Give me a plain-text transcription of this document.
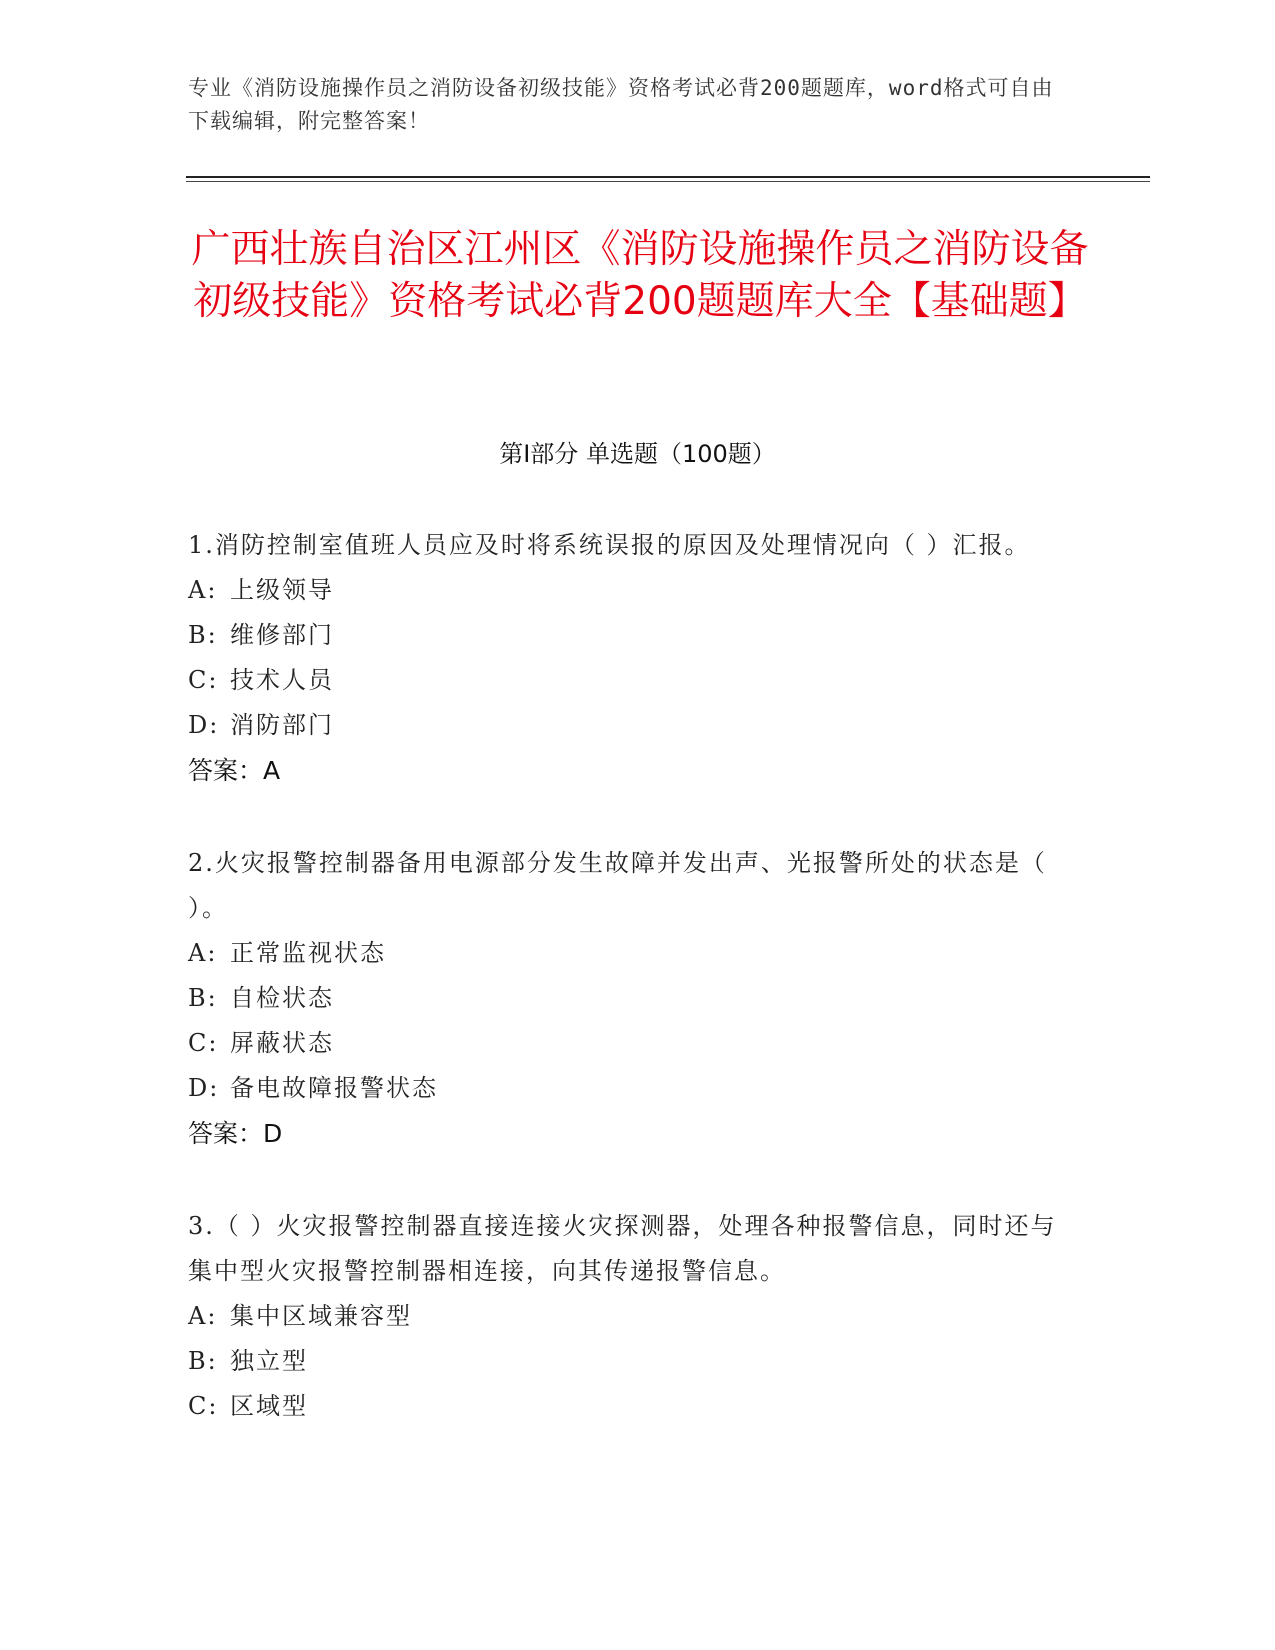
专业《消防设施操作员之消防设备初级技能》资格考试必背200题题库，word格式可自由下载编辑，附完整答案！
广西壮族自治区江州区《消防设施操作员之消防设备初级技能》资格考试必背200题题库大全【基础题】
第I部分 单选题（100题）

1.消防控制室值班人员应及时将系统误报的原因及处理情况向（ ）汇报。

A: 上级领导

B: 维修部门

C: 技术人员

D: 消防部门

答案：A

2.火灾报警控制器备用电源部分发生故障并发出声、光报警所处的状态是（ ）。

A: 正常监视状态

B: 自检状态

C: 屏蔽状态

D: 备电故障报警状态

答案：D

3.（ ）火灾报警控制器直接连接火灾探测器，处理各种报警信息，同时还与集中型火灾报警控制器相连接，向其传递报警信息。

A: 集中区域兼容型

B: 独立型

C: 区域型
